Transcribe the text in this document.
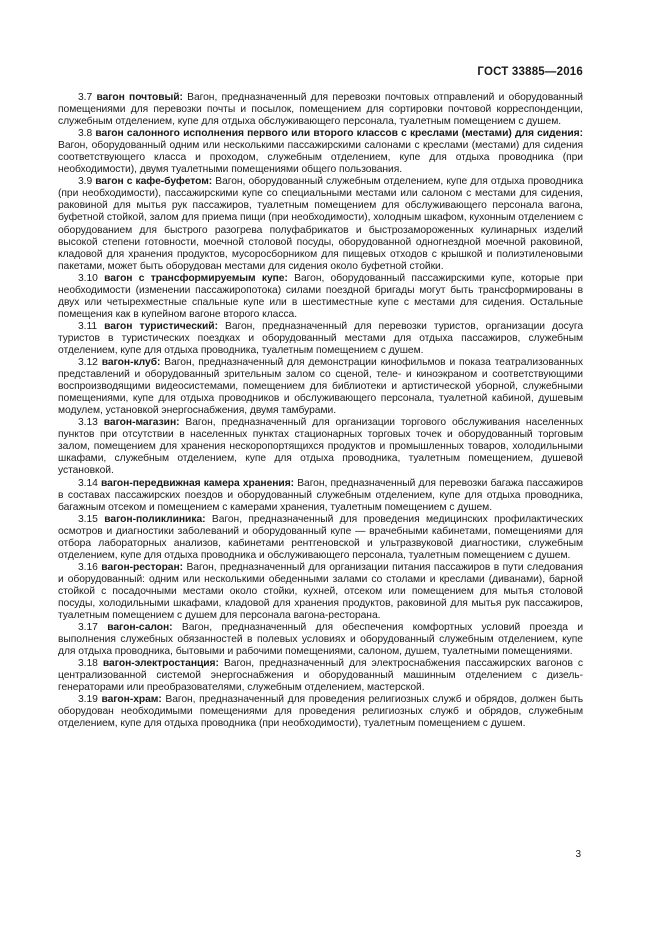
ГОСТ 33885—2016

3.7 вагон почтовый: Вагон, предназначенный для перевозки почтовых отправлений и оборудованный помещениями для перевозки почты и посылок, помещением для сортировки почтовой корреспонденции, служебным отделением, купе для отдыха обслуживающего персонала, туалетным помещением с душем.

3.8 вагон салонного исполнения первого или второго классов с креслами (местами) для сидения: Вагон, оборудованный одним или несколькими пассажирскими салонами с креслами (местами) для сидения соответствующего класса и проходом, служебным отделением, купе для отдыха проводника (при необходимости), двумя туалетными помещениями общего пользования.

3.9 вагон с кафе-буфетом: Вагон, оборудованный служебным отделением, купе для отдыха проводника (при необходимости), пассажирскими купе со специальными местами или салоном с местами для сидения, раковиной для мытья рук пассажиров, туалетным помещением для обслуживающего персонала вагона, буфетной стойкой, залом для приема пищи (при необходимости), холодным шкафом, кухонным отделением с оборудованием для быстрого разогрева полуфабрикатов и быстрозамороженных кулинарных изделий высокой степени готовности, моечной столовой посуды, оборудованной одногнездной моечной раковиной, кладовой для хранения продуктов, мусоросборником для пищевых отходов с крышкой и полиэтиленовыми пакетами, может быть оборудован местами для сидения около буфетной стойки.

3.10 вагон с трансформируемым купе: Вагон, оборудованный пассажирскими купе, которые при необходимости (изменении пассажиропотока) силами поездной бригады могут быть трансформированы в двух или четырехместные спальные купе или в шестиместные купе с местами для сидения. Остальные помещения как в купейном вагоне второго класса.

3.11 вагон туристический: Вагон, предназначенный для перевозки туристов, организации досуга туристов в туристических поездках и оборудованный местами для отдыха пассажиров, служебным отделением, купе для отдыха проводника, туалетным помещением с душем.

3.12 вагон-клуб: Вагон, предназначенный для демонстрации кинофильмов и показа театрализованных представлений и оборудованный зрительным залом со сценой, теле- и киноэкраном и соответствующими воспроизводящими видеосистемами, помещением для библиотеки и артистической уборной, служебными помещениями, купе для отдыха проводников и обслуживающего персонала, туалетной кабиной, душевым модулем, установкой энергоснабжения, двумя тамбурами.

3.13 вагон-магазин: Вагон, предназначенный для организации торгового обслуживания населенных пунктов при отсутствии в населенных пунктах стационарных торговых точек и оборудованный торговым залом, помещением для хранения нескоропортящихся продуктов и промышленных товаров, холодильными шкафами, служебным отделением, купе для отдыха проводника, туалетным помещением, душевой установкой.

3.14 вагон-передвижная камера хранения: Вагон, предназначенный для перевозки багажа пассажиров в составах пассажирских поездов и оборудованный служебным отделением, купе для отдыха проводника, багажным отсеком и помещением с камерами хранения, туалетным помещением с душем.

3.15 вагон-поликлиника: Вагон, предназначенный для проведения медицинских профилактических осмотров и диагностики заболеваний и оборудованный купе — врачебными кабинетами, помещениями для отбора лабораторных анализов, кабинетами рентгеновской и ультразвуковой диагностики, служебным отделением, купе для отдыха проводника и обслуживающего персонала, туалетным помещением с душем.

3.16 вагон-ресторан: Вагон, предназначенный для организации питания пассажиров в пути следования и оборудованный: одним или несколькими обеденными залами со столами и креслами (диванами), барной стойкой с посадочными местами около стойки, кухней, отсеком или помещением для мытья столовой посуды, холодильными шкафами, кладовой для хранения продуктов, раковиной для мытья рук пассажиров, туалетным помещением с душем для персонала вагона-ресторана.

3.17 вагон-салон: Вагон, предназначенный для обеспечения комфортных условий проезда и выполнения служебных обязанностей в полевых условиях и оборудованный служебным отделением, купе для отдыха проводника, бытовыми и рабочими помещениями, салоном, душем, туалетными помещениями.

3.18 вагон-электростанция: Вагон, предназначенный для электроснабжения пассажирских вагонов с централизованной системой энергоснабжения и оборудованный машинным отделением с дизель-генераторами или преобразователями, служебным отделением, мастерской.

3.19 вагон-храм: Вагон, предназначенный для проведения религиозных служб и обрядов, должен быть оборудован необходимыми помещениями для проведения религиозных служб и обрядов, служебным отделением, купе для отдыха проводника (при необходимости), туалетным помещением с душем.

3
